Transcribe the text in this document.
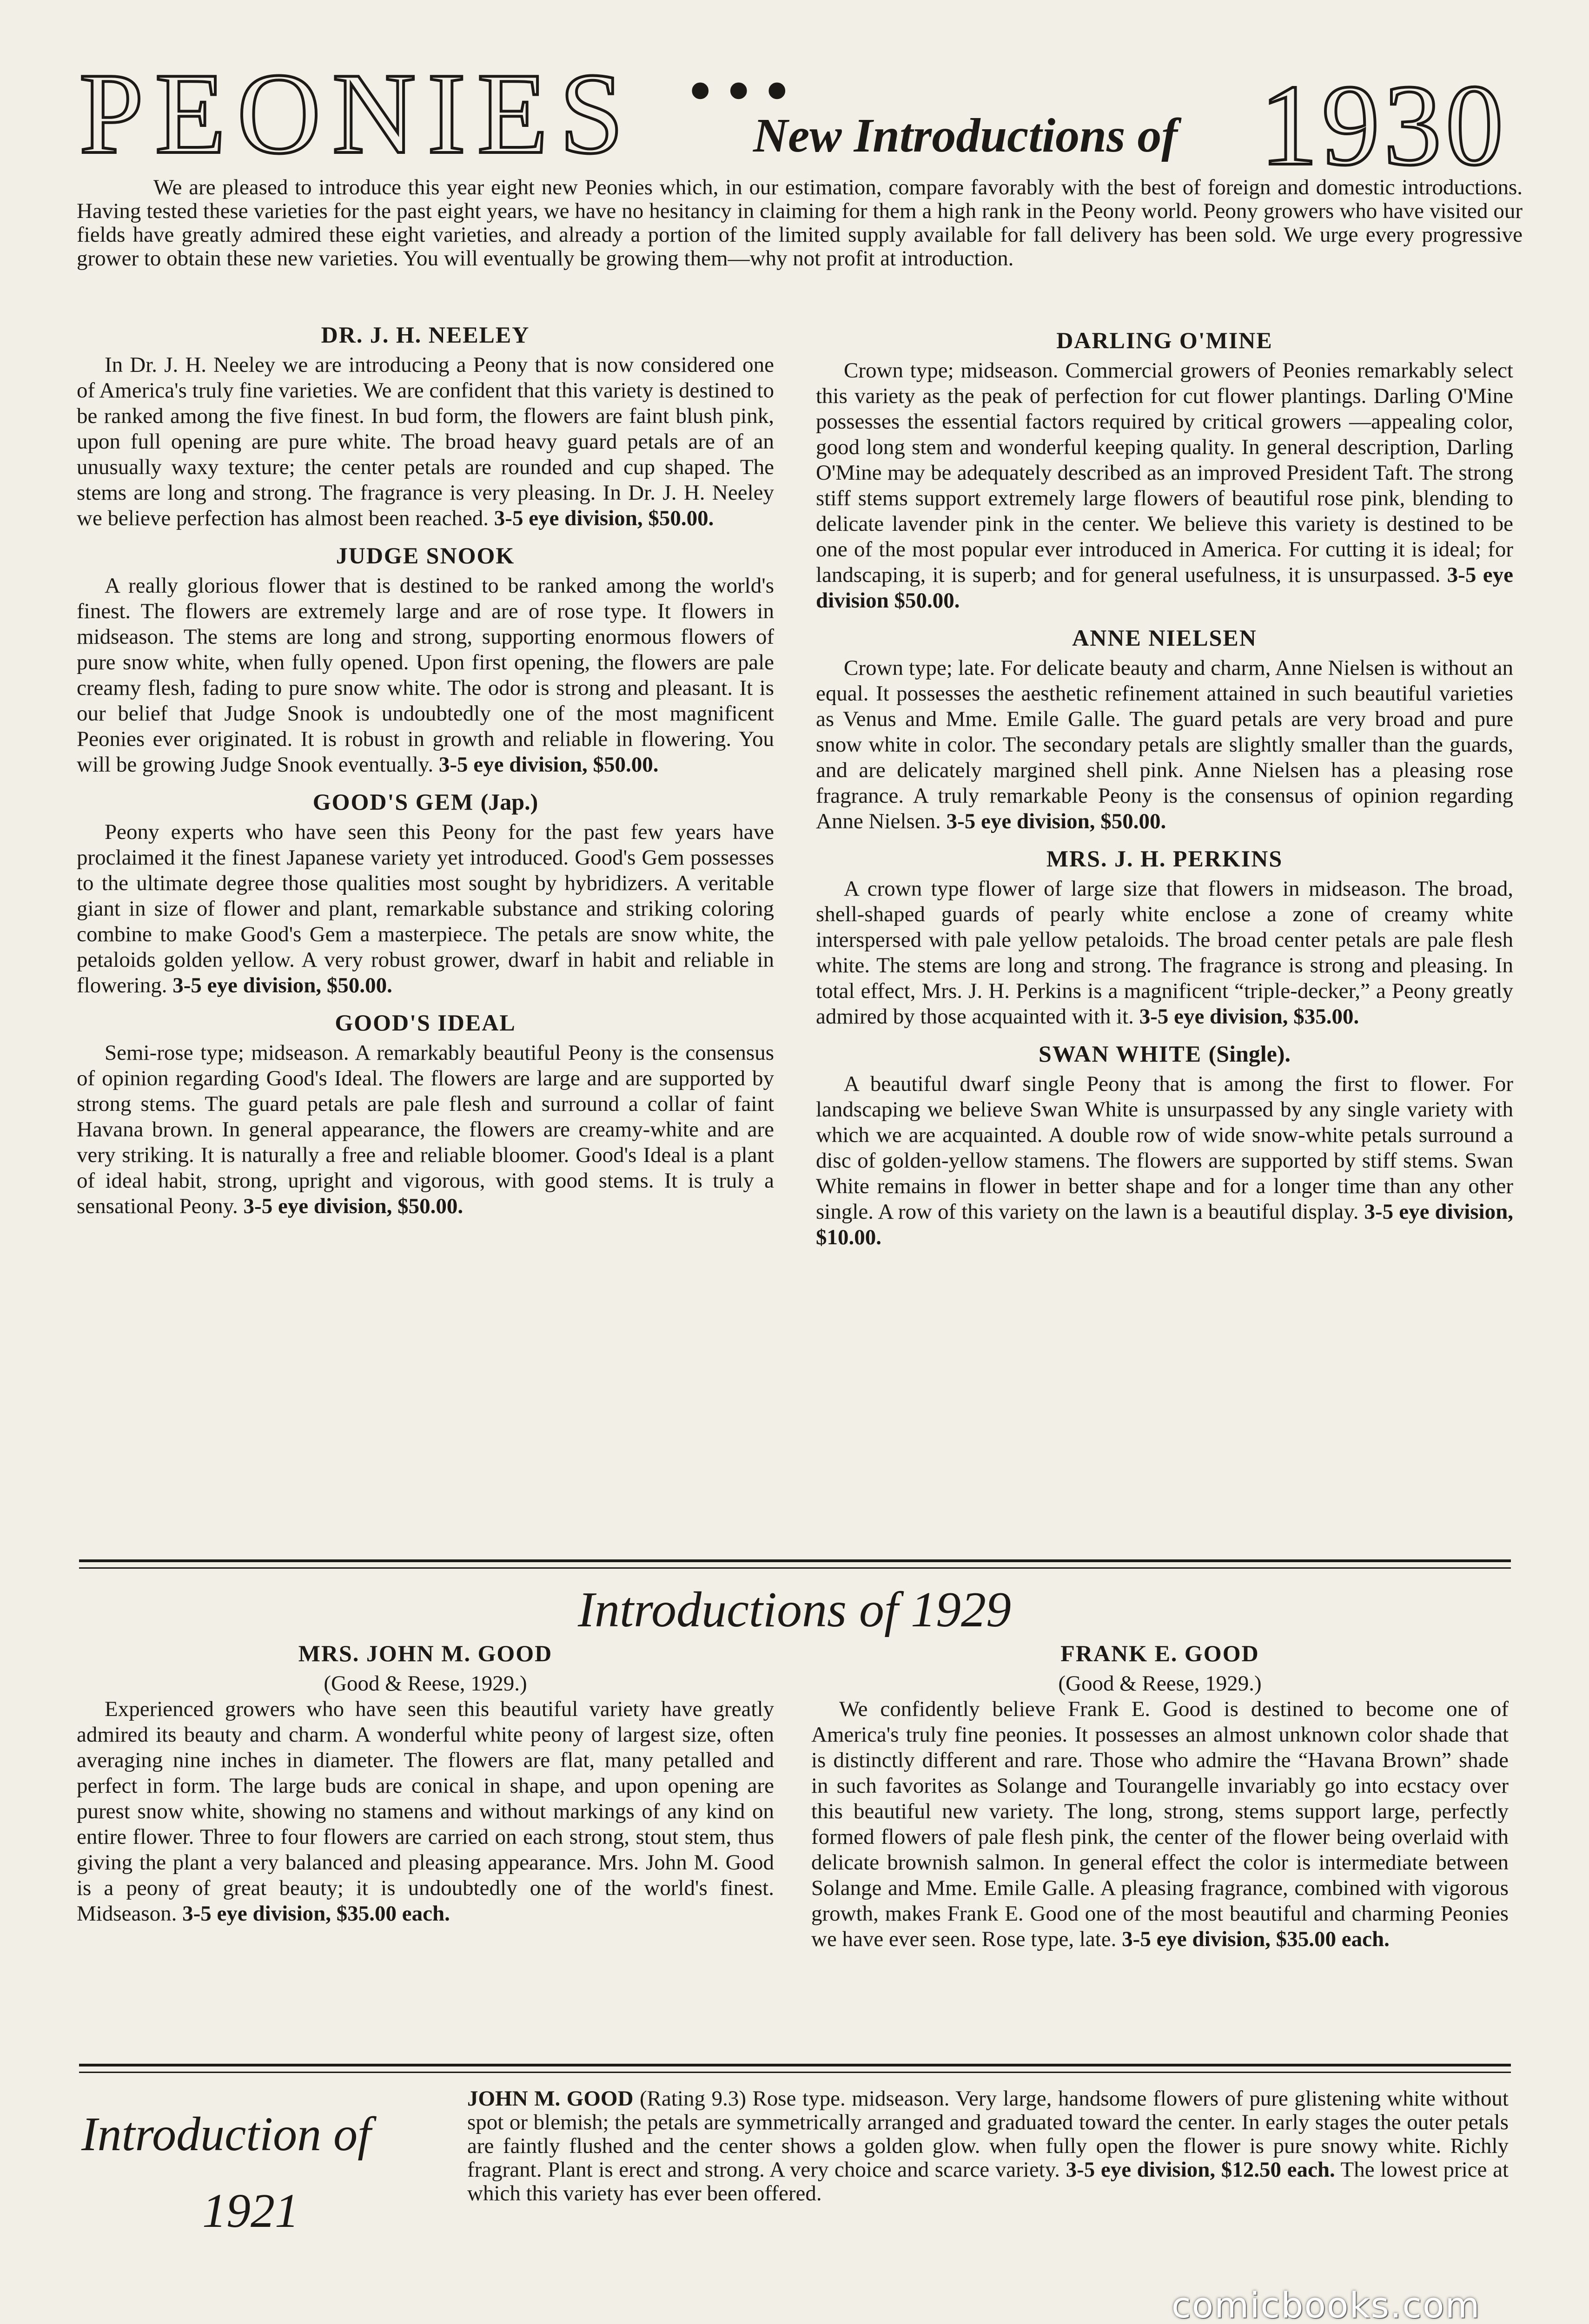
PEONIES •••
New Introductions of 1930

We are pleased to introduce this year eight new Peonies which, in our estimation, compare favorably with the best of foreign and domestic introductions. Having tested these varieties for the past eight years, we have no hesitancy in claiming for them a high rank in the Peony world. Peony growers who have visited our fields have greatly admired these eight varieties, and already a portion of the limited supply available for fall delivery has been sold. We urge every progressive grower to obtain these new varieties. You will eventually be growing them—why not profit at introduction.

DR. J. H. NEELEY

In Dr. J. H. Neeley we are introducing a Peony that is now considered one of America's truly fine varieties. We are confident that this variety is destined to be ranked among the five finest. In bud form, the flowers are faint blush pink, upon full opening are pure white. The broad heavy guard petals are of an unusually waxy texture; the center petals are rounded and cup shaped. The stems are long and strong. The fragrance is very pleasing. In Dr. J. H. Neeley we believe perfection has almost been reached. 3-5 eye division, $50.00.

JUDGE SNOOK

A really glorious flower that is destined to be ranked among the world's finest. The flowers are extremely large and are of rose type. It flowers in midseason. The stems are long and strong, supporting enormous flowers of pure snow white, when fully opened. Upon first opening, the flowers are pale creamy flesh, fading to pure snow white. The odor is strong and pleasant. It is our belief that Judge Snook is undoubtedly one of the most magnificent Peonies ever originated. It is robust in growth and reliable in flowering. You will be growing Judge Snook eventually. 3-5 eye division, $50.00.

GOOD'S GEM (Jap.)

Peony experts who have seen this Peony for the past few years have proclaimed it the finest Japanese variety yet introduced. Good's Gem possesses to the ultimate degree those qualities most sought by hybridizers. A veritable giant in size of flower and plant, remarkable substance and striking coloring combine to make Good's Gem a masterpiece. The petals are snow white, the petaloids golden yellow. A very robust grower, dwarf in habit and reliable in flowering. 3-5 eye division, $50.00.

GOOD'S IDEAL

Semi-rose type; midseason. A remarkably beautiful Peony is the consensus of opinion regarding Good's Ideal. The flowers are large and are supported by strong stems. The guard petals are pale flesh and surround a collar of faint Havana brown. In general appearance, the flowers are creamy-white and are very striking. It is naturally a free and reliable bloomer. Good's Ideal is a plant of ideal habit, strong, upright and vigorous, with good stems. It is truly a sensational Peony. 3-5 eye division, $50.00.

DARLING O'MINE

Crown type; midseason. Commercial growers of Peonies remarkably select this variety as the peak of perfection for cut flower plantings. Darling O'Mine possesses the essential factors required by critical growers —appealing color, good long stem and wonderful keeping quality. In general description, Darling O'Mine may be adequately described as an improved President Taft. The strong stiff stems support extremely large flowers of beautiful rose pink, blending to delicate lavender pink in the center. We believe this variety is destined to be one of the most popular ever introduced in America. For cutting it is ideal; for landscaping, it is superb; and for general usefulness, it is unsurpassed. 3-5 eye division $50.00.

ANNE NIELSEN

Crown type; late. For delicate beauty and charm, Anne Nielsen is without an equal. It possesses the aesthetic refinement attained in such beautiful varieties as Venus and Mme. Emile Galle. The guard petals are very broad and pure snow white in color. The secondary petals are slightly smaller than the guards, and are delicately margined shell pink. Anne Nielsen has a pleasing rose fragrance. A truly remarkable Peony is the consensus of opinion regarding Anne Nielsen. 3-5 eye division, $50.00.

MRS. J. H. PERKINS

A crown type flower of large size that flowers in midseason. The broad, shell-shaped guards of pearly white enclose a zone of creamy white interspersed with pale yellow petaloids. The broad center petals are pale flesh white. The stems are long and strong. The fragrance is strong and pleasing. In total effect, Mrs. J. H. Perkins is a magnificent “triple-decker,” a Peony greatly admired by those acquainted with it. 3-5 eye division, $35.00.

SWAN WHITE (Single).

A beautiful dwarf single Peony that is among the first to flower. For landscaping we believe Swan White is unsurpassed by any single variety with which we are acquainted. A double row of wide snow-white petals surround a disc of golden-yellow stamens. The flowers are supported by stiff stems. Swan White remains in flower in better shape and for a longer time than any other single. A row of this variety on the lawn is a beautiful display. 3-5 eye division, $10.00.

Introductions of 1929
MRS. JOHN M. GOOD
(Good & Reese, 1929.)

Experienced growers who have seen this beautiful variety have greatly admired its beauty and charm. A wonderful white peony of largest size, often averaging nine inches in diameter. The flowers are flat, many petalled and perfect in form. The large buds are conical in shape, and upon opening are purest snow white, showing no stamens and without markings of any kind on entire flower. Three to four flowers are carried on each strong, stout stem, thus giving the plant a very balanced and pleasing appearance. Mrs. John M. Good is a peony of great beauty; it is undoubtedly one of the world's finest. Midseason. 3-5 eye division, $35.00 each.

FRANK E. GOOD
(Good & Reese, 1929.)

We confidently believe Frank E. Good is destined to become one of America's truly fine peonies. It possesses an almost unknown color shade that is distinctly different and rare. Those who admire the “Havana Brown” shade in such favorites as Solange and Tourangelle invariably go into ecstacy over this beautiful new variety. The long, strong, stems support large, perfectly formed flowers of pale flesh pink, the center of the flower being overlaid with delicate brownish salmon. In general effect the color is intermediate between Solange and Mme. Emile Galle. A pleasing fragrance, combined with vigorous growth, makes Frank E. Good one of the most beautiful and charming Peonies we have ever seen. Rose type, late. 3-5 eye division, $35.00 each.

Introduction of
1921

JOHN M. GOOD (Rating 9.3) Rose type. midseason. Very large, handsome flowers of pure glistening white without spot or blemish; the petals are symmetrically arranged and graduated toward the center. In early stages the outer petals are faintly flushed and the center shows a golden glow. when fully open the flower is pure snowy white. Richly fragrant. Plant is erect and strong. A very choice and scarce variety. 3-5 eye division, $12.50 each. The lowest price at which this variety has ever been offered.

comicbooks.com
